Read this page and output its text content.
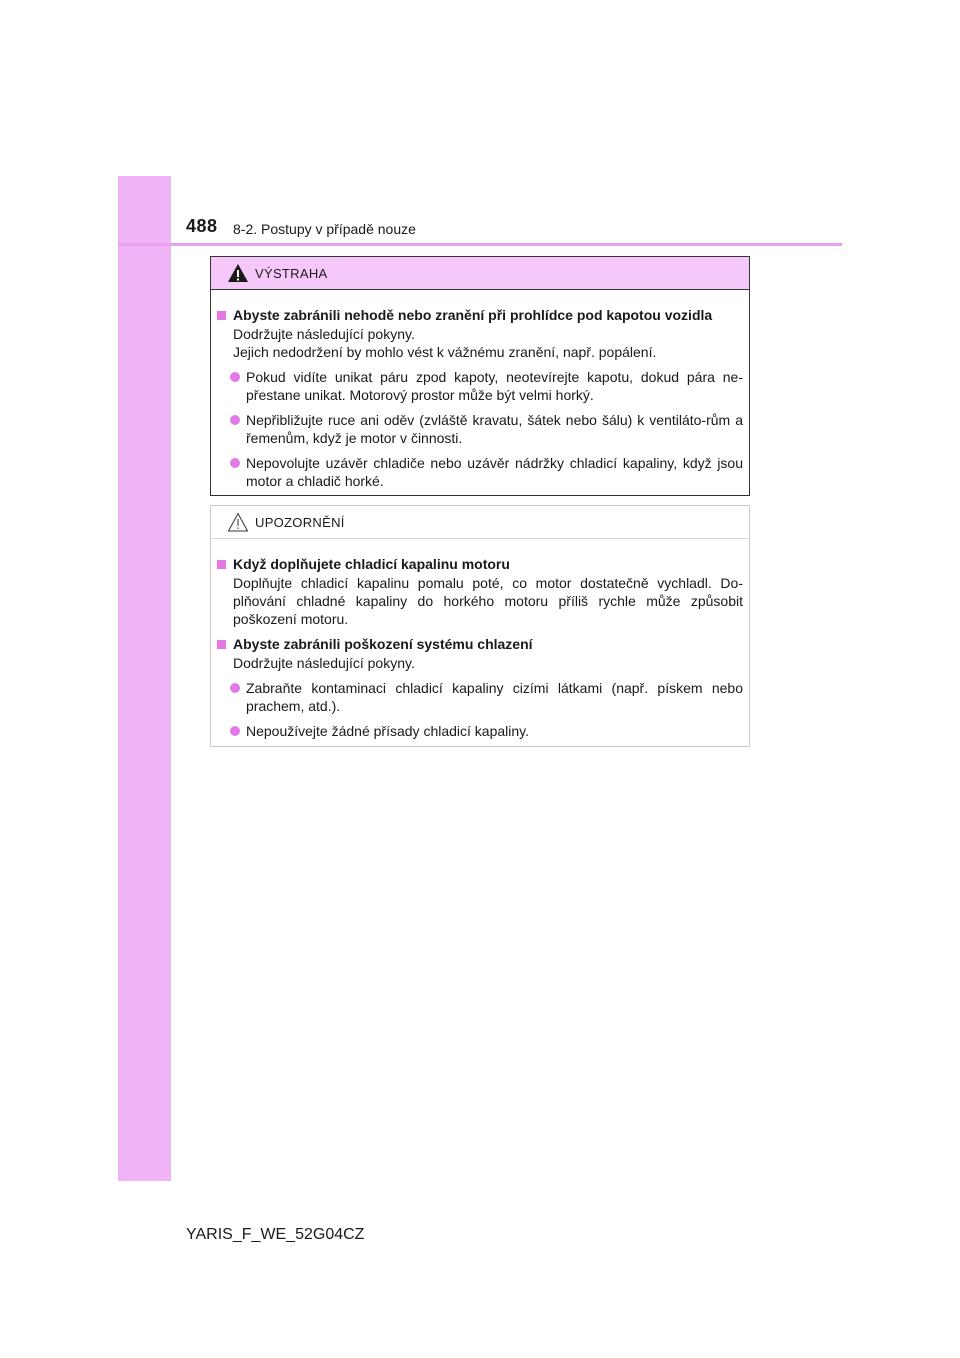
488 8-2. Postupy v případě nouze
VÝSTRAHA
Abyste zabránili nehodě nebo zranění při prohlídce pod kapotou vozidla
Dodržujte následující pokyny.
Jejich nedodržení by mohlo vést k vážnému zranění, např. popálení.
Pokud vidíte unikat páru zpod kapoty, neotevírejte kapotu, dokud pára ne-přestane unikat. Motorový prostor může být velmi horký.
Nepřibližujte ruce ani oděv (zvláště kravatu, šátek nebo šálu) k ventiláto-rům a řemenům, když je motor v činnosti.
Nepovolujte uzávěr chladiče nebo uzávěr nádržky chladicí kapaliny, když jsou motor a chladič horké.
UPOZORNĚNÍ
Když doplňujete chladicí kapalinu motoru
Doplňujte chladicí kapalinu pomalu poté, co motor dostatečně vychladl. Do-plňování chladné kapaliny do horkého motoru příliš rychle může způsobit poškození motoru.
Abyste zabránili poškození systému chlazení
Dodržujte následující pokyny.
Zabraňte kontaminaci chladicí kapaliny cizími látkami (např. pískem nebo prachem, atd.).
Nepoužívejte žádné přísady chladicí kapaliny.
YARIS_F_WE_52G04CZ
